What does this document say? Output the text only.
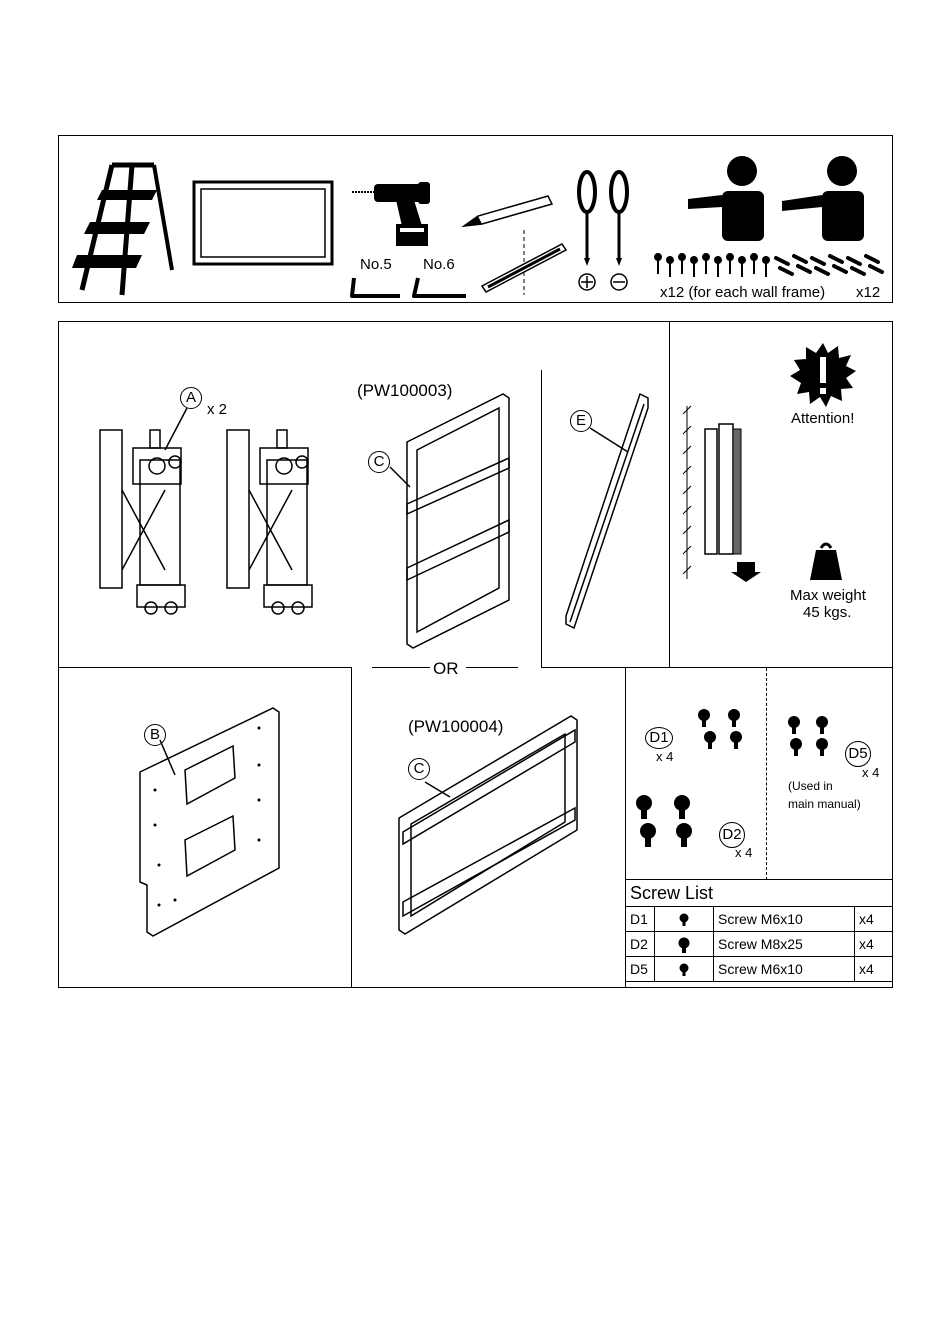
No.5 No.6
x12 (for each wall frame) x12
A
x 2
(PW100003)
C
OR
E	Attention!
Max weight
45 kgs.
B	(PW100004)
C
D1
x 4
D2
x 4
D5
x 4
(Used in
main manual)
Screw List			
D1		Screw M6x10	x4
D2		Screw M8x25	x4
D5		Screw M6x10	x4
